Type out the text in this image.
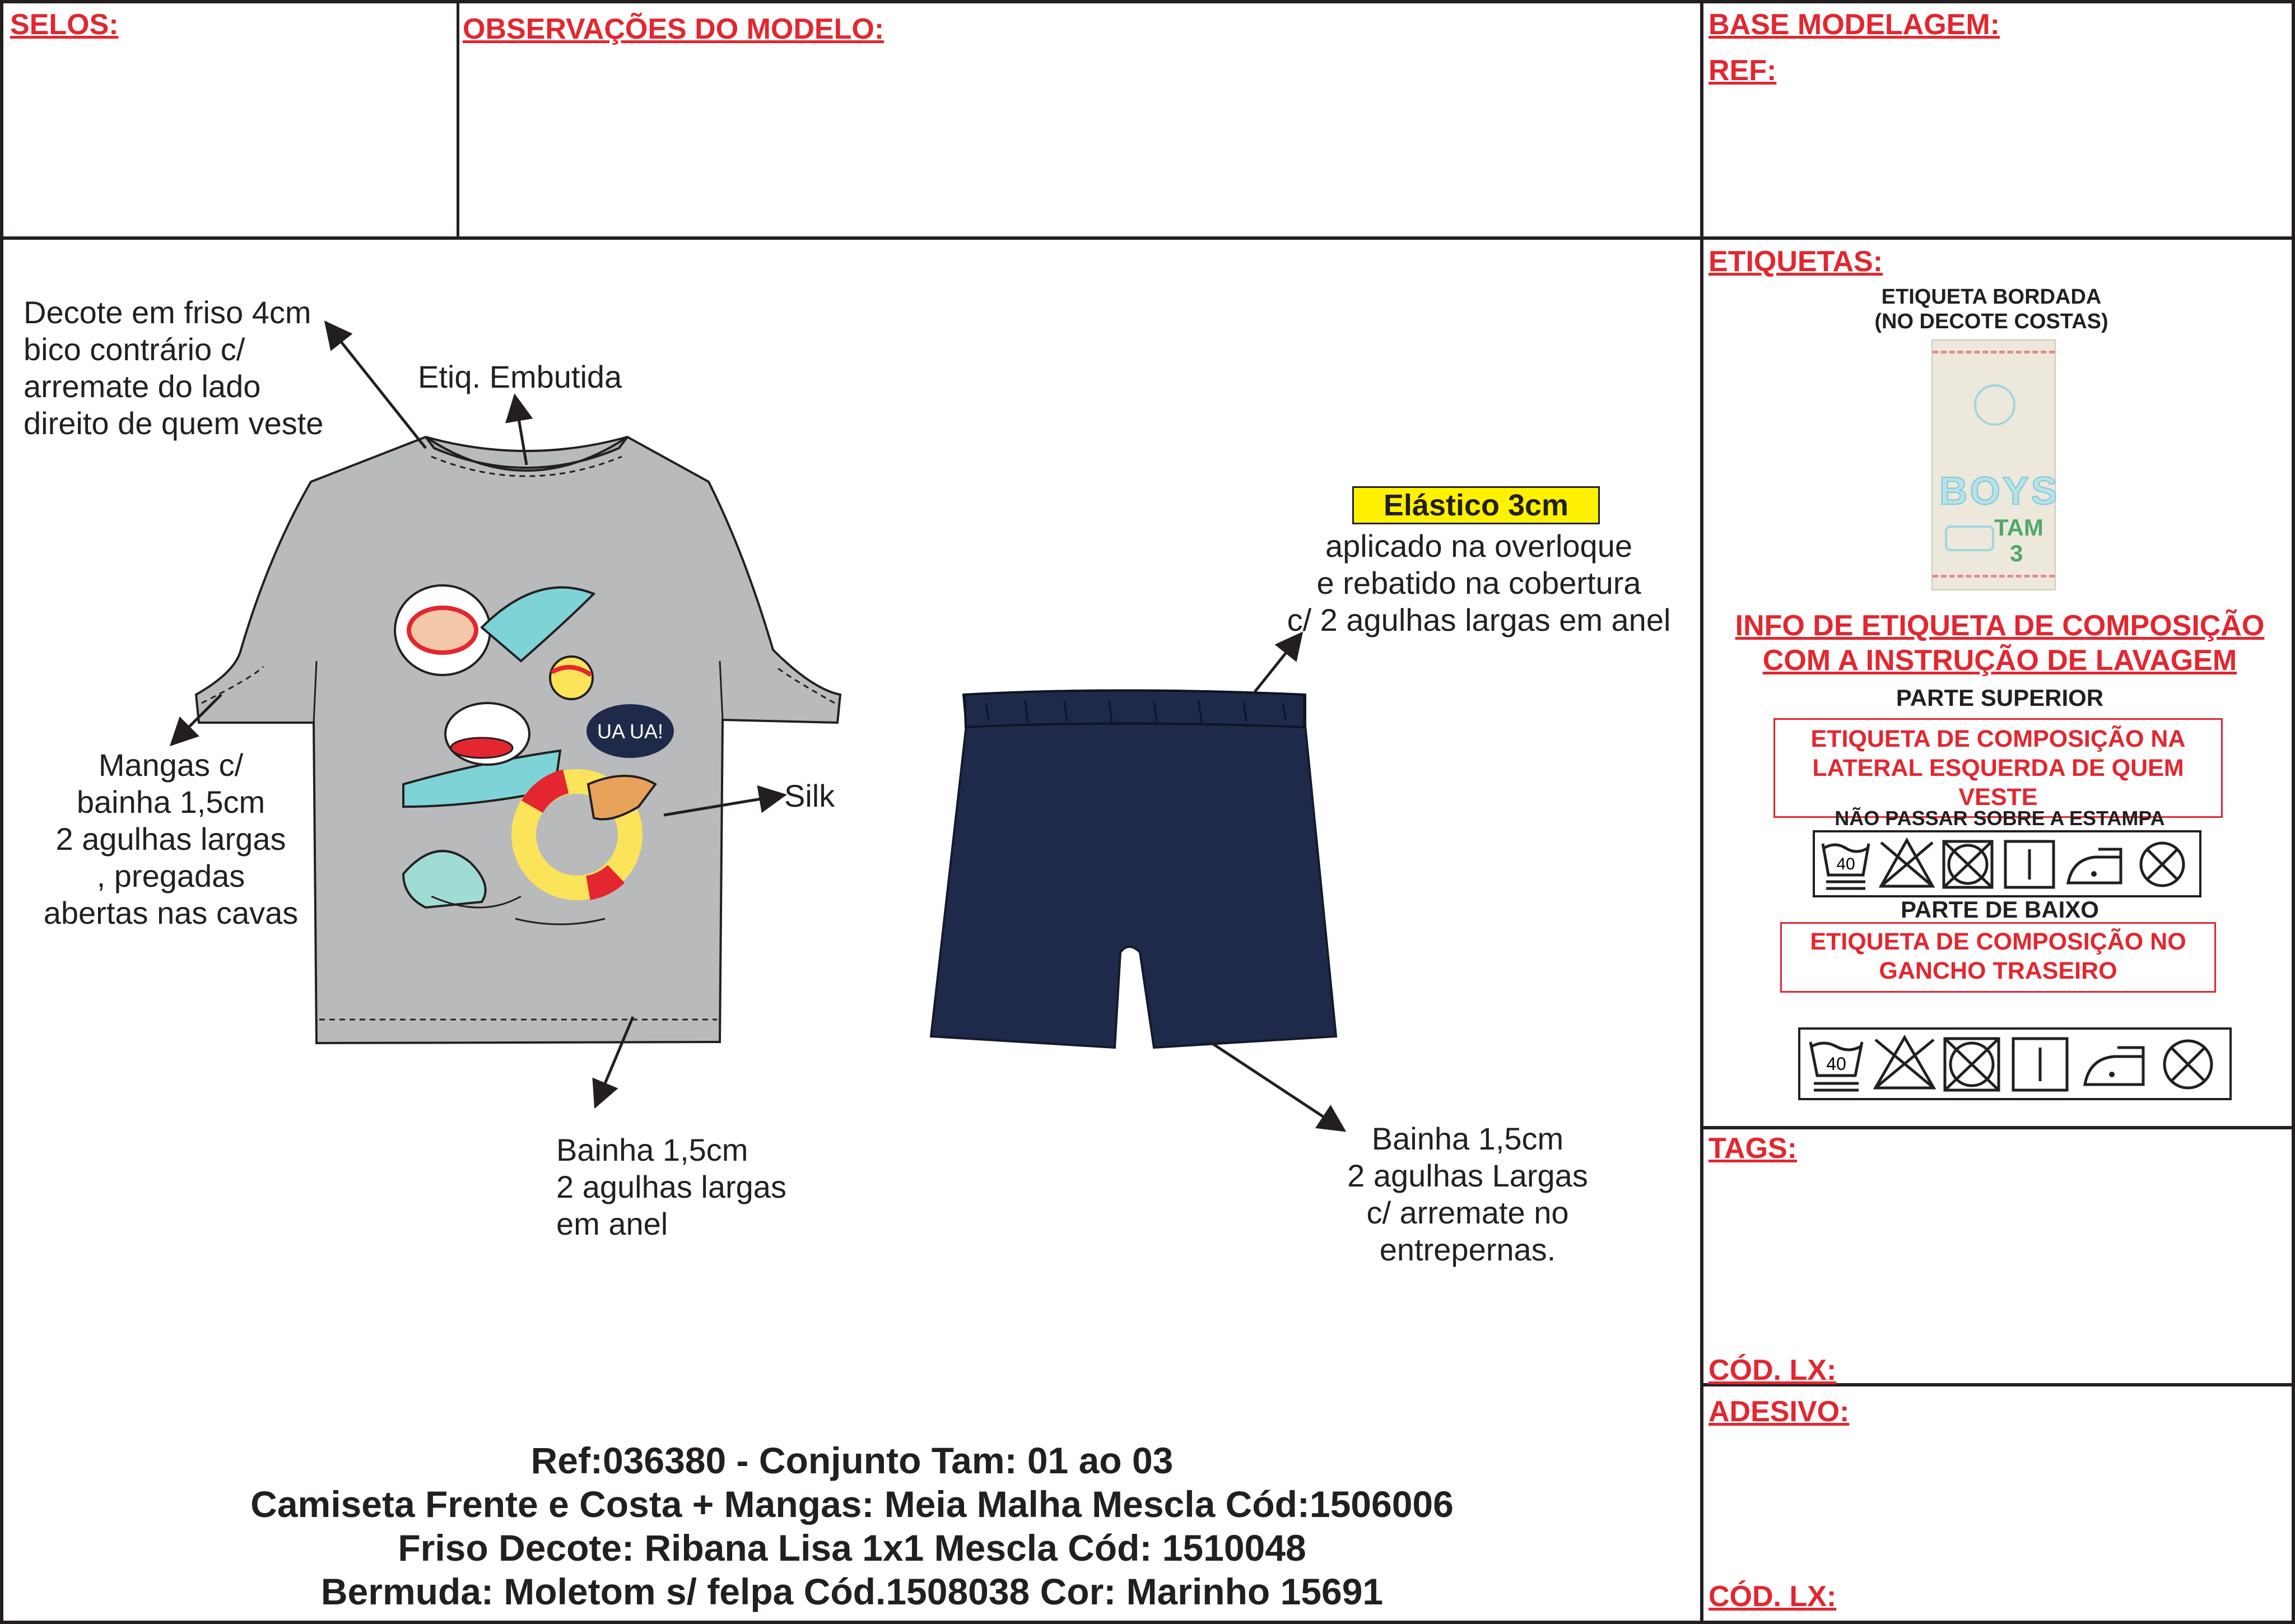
SELOS:	OBSERVAÇÕES DO MODELO:	BASE MODELAGEM:
REF:
ETIQUETAS:
ETIQUETA BORDADA
(NO DECOTE COSTAS)
BOYS
TAM
3
INFO DE ETIQUETA DE COMPOSIÇÃO
COM A INSTRUÇÃO DE LAVAGEM
PARTE SUPERIOR
ETIQUETA DE COMPOSIÇÃO NA
LATERAL ESQUERDA DE QUEM
VESTE
NÃO PASSAR SOBRE A ESTAMPA
40
PARTE DE BAIXO
ETIQUETA DE COMPOSIÇÃO NO
GANCHO TRASEIRO
40
TAGS:
CÓD. LX:
ADESIVO:
CÓD. LX:
UA UA!
Decote em friso 4cm
bico contrário c/
arremate do lado
direito de quem veste
Etiq. Embutida
Mangas c/
bainha 1,5cm
2 agulhas largas
, pregadas
abertas nas cavas
Silk
Bainha 1,5cm
2 agulhas largas
em anel
Elástico 3cm
aplicado na overloque
e rebatido na cobertura
c/ 2 agulhas largas em anel
Bainha 1,5cm
2 agulhas Largas
c/ arremate no
entrepernas.
Ref:036380 - Conjunto Tam: 01 ao 03
Camiseta Frente e Costa + Mangas: Meia Malha Mescla Cód:1506006
Friso Decote: Ribana Lisa 1x1 Mescla Cód: 1510048
Bermuda: Moletom s/ felpa Cód.1508038 Cor: Marinho 15691
